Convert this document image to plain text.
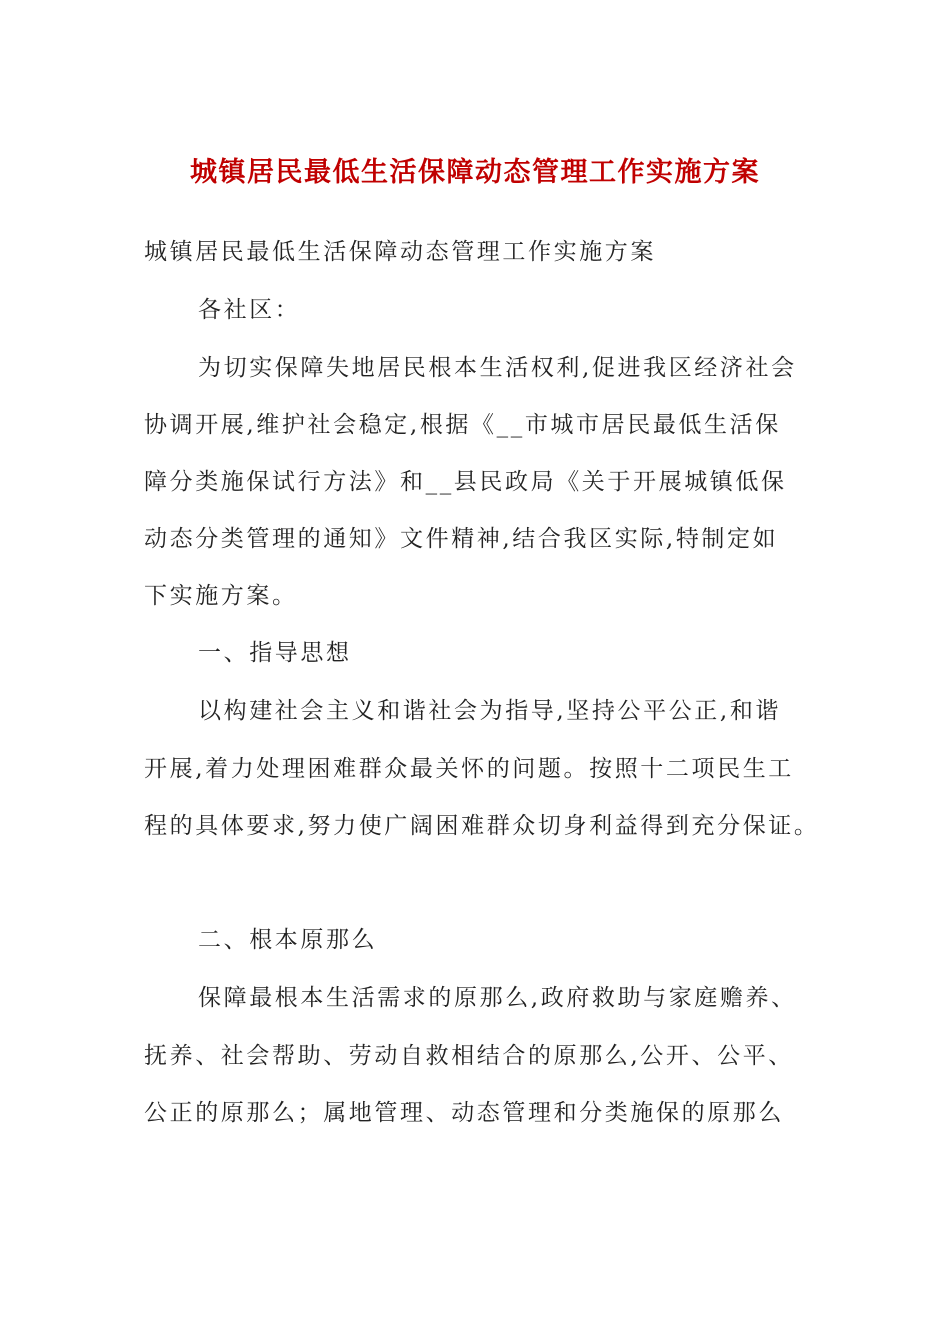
城镇居民最低生活保障动态管理工作实施方案
城镇居民最低生活保障动态管理工作实施方案
各社区：
为切实保障失地居民根本生活权利,促进我区经济社会
协调开展,维护社会稳定,根据《__市城市居民最低生活保
障分类施保试行方法》和__县民政局《关于开展城镇低保
动态分类管理的通知》文件精神,结合我区实际,特制定如
下实施方案。
一、指导思想
以构建社会主义和谐社会为指导,坚持公平公正,和谐
开展,着力处理困难群众最关怀的问题。按照十二项民生工
程的具体要求,努力使广阔困难群众切身利益得到充分保证。
二、根本原那么
保障最根本生活需求的原那么,政府救助与家庭赡养、
抚养、社会帮助、劳动自救相结合的原那么,公开、公平、
公正的原那么；属地管理、动态管理和分类施保的原那么
